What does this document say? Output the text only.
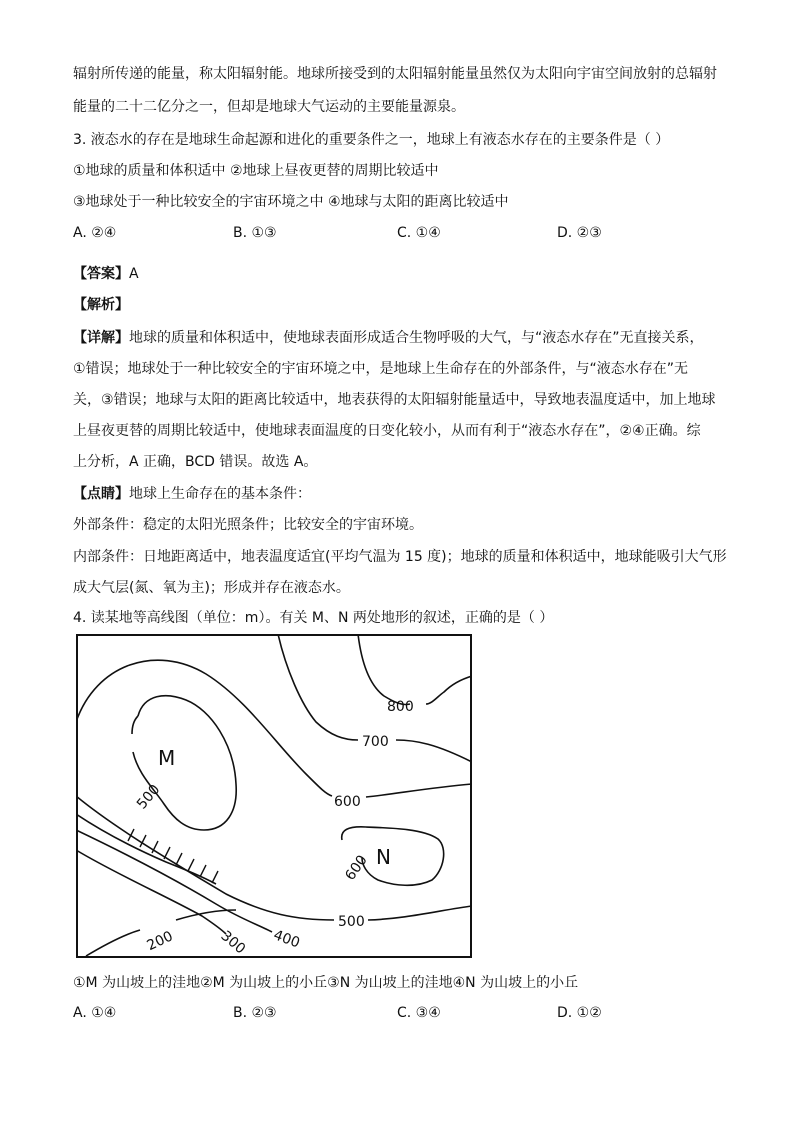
辐射所传递的能量，称太阳辐射能。地球所接受到的太阳辐射能量虽然仅为太阳向宇宙空间放射的总辐射
能量的二十二亿分之一，但却是地球大气运动的主要能量源泉。
3. 液态水的存在是地球生命起源和进化的重要条件之一，地球上有液态水存在的主要条件是（ ）
①地球的质量和体积适中 ②地球上昼夜更替的周期比较适中
③地球处于一种比较安全的宇宙环境之中 ④地球与太阳的距离比较适中
A. ②④	B. ①③	C. ①④	D. ②③
【答案】A
【解析】
【详解】地球的质量和体积适中，使地球表面形成适合生物呼吸的大气，与“液态水存在”无直接关系，
①错误；地球处于一种比较安全的宇宙环境之中，是地球上生命存在的外部条件，与“液态水存在”无
关，③错误；地球与太阳的距离比较适中，地表获得的太阳辐射能量适中，导致地表温度适中，加上地球
上昼夜更替的周期比较适中，使地球表面温度的日变化较小，从而有利于“液态水存在”，②④正确。综
上分析，A 正确，BCD 错误。故选 A。
【点睛】地球上生命存在的基本条件：
外部条件：稳定的太阳光照条件；比较安全的宇宙环境。
内部条件：日地距离适中，地表温度适宜(平均气温为 15 度)；地球的质量和体积适中，地球能吸引大气形
成大气层(氮、氧为主)；形成并存在液态水。
4. 读某地等高线图（单位：m）。有关 M、N 两处地形的叙述，正确的是（ ）
800
700
600
500
M
600 N
500
400
300
200
①M 为山坡上的洼地②M 为山坡上的小丘③N 为山坡上的洼地④N 为山坡上的小丘
A. ①④	B. ②③	C. ③④	D. ①②
